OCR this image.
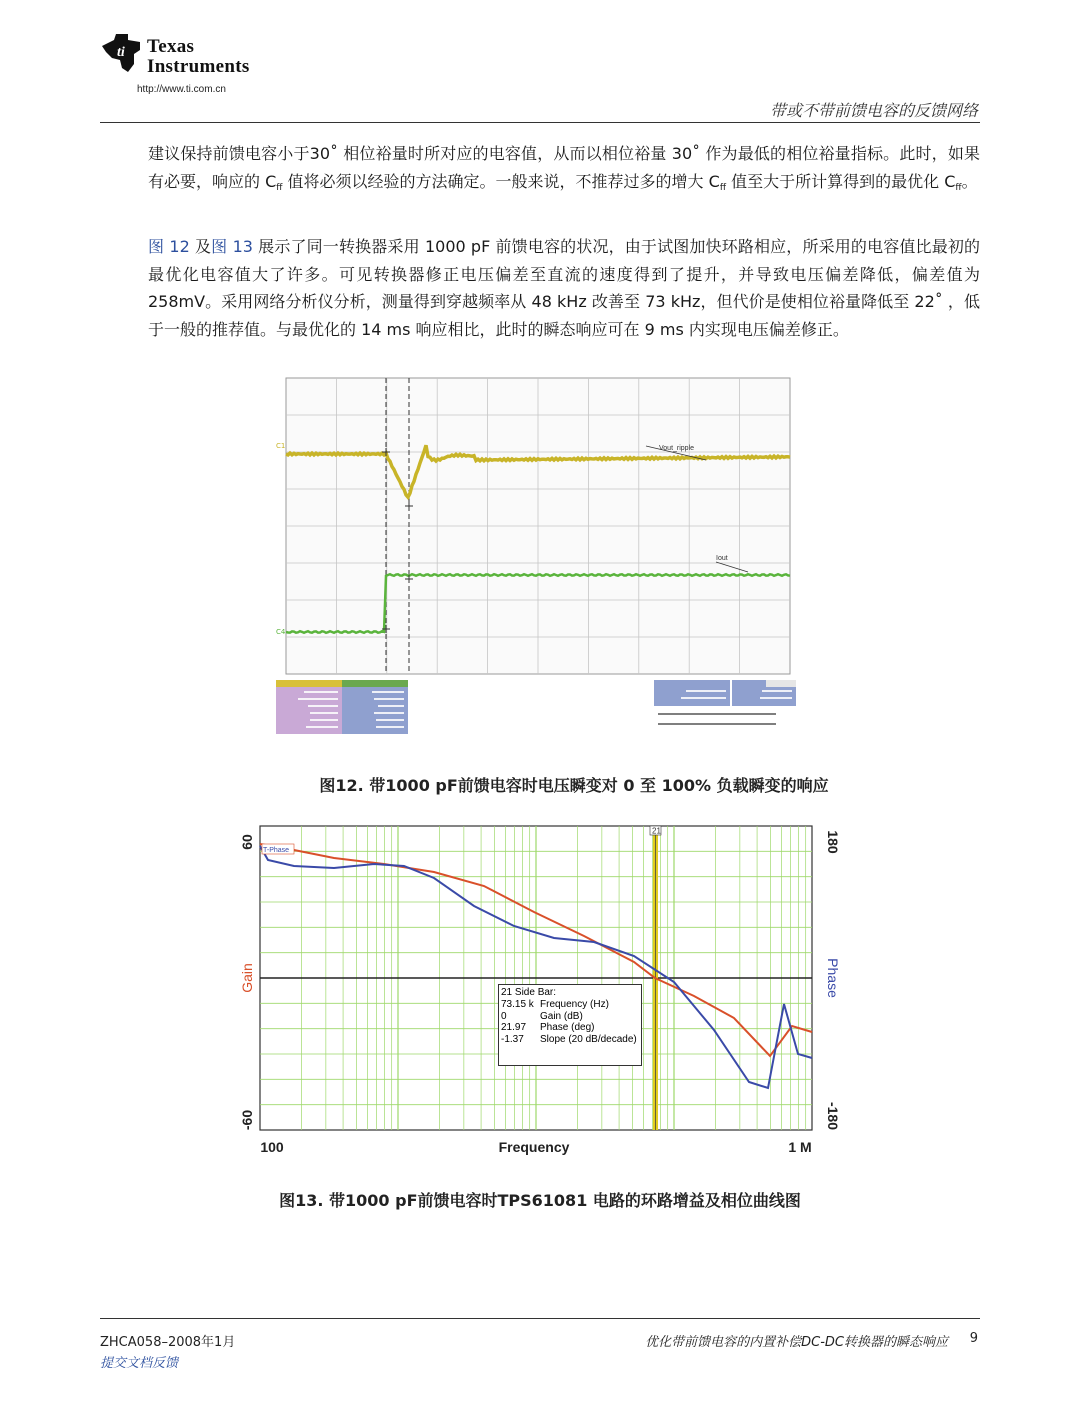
ti Texas
Instruments
http://www.ti.com.cn
带或不带前馈电容的反馈网络
建议保持前馈电容小于30˚ 相位裕量时所对应的电容值，从而以相位裕量 30˚ 作为最低的相位裕量指标。此时，如果有必要，响应的 $C_{ff}$ 值将必须以经验的方法确定。一般来说，不推荐过多的增大 $C_{ff}$ 值至大于所计算得到的最优化 $C_{ff}$。
图 12 及图 13 展示了同一转换器采用 1000 pF 前馈电容的状况，由于试图加快环路相应，所采用的电容值比最初的最优化电容值大了许多。可见转换器修正电压偏差至直流的速度得到了提升，并导致电压偏差降低，偏差值为 258mV。采用网络分析仪分析，测量得到穿越频率从 48 kHz 改善至 73 kHz，但代价是使相位裕量降低至 22˚ ，低于一般的推荐值。与最优化的 14 ms 响应相比，此时的瞬态响应可在 9 ms 内实现电压偏差修正。
Vout_ripple
Iout
C1
C4
图12. 带1000 pF前馈电容时电压瞬变对 0 至 100% 负载瞬变的响应
21
T-Phase
60
-60
Gain
180
-180
Phase
100	Frequency	1 M
21 Side Bar:
73.15 k Frequency (Hz)
0	Gain (dB)
21.97 Phase (deg)
-1.37 Slope (20 dB/decade)
图13. 带1000 pF前馈电容时TPS61081 电路的环路增益及相位曲线图
ZHCA058–2008年1月
提交文档反馈
优化带前馈电容的内置补偿DC-DC转换器的瞬态响应 9
